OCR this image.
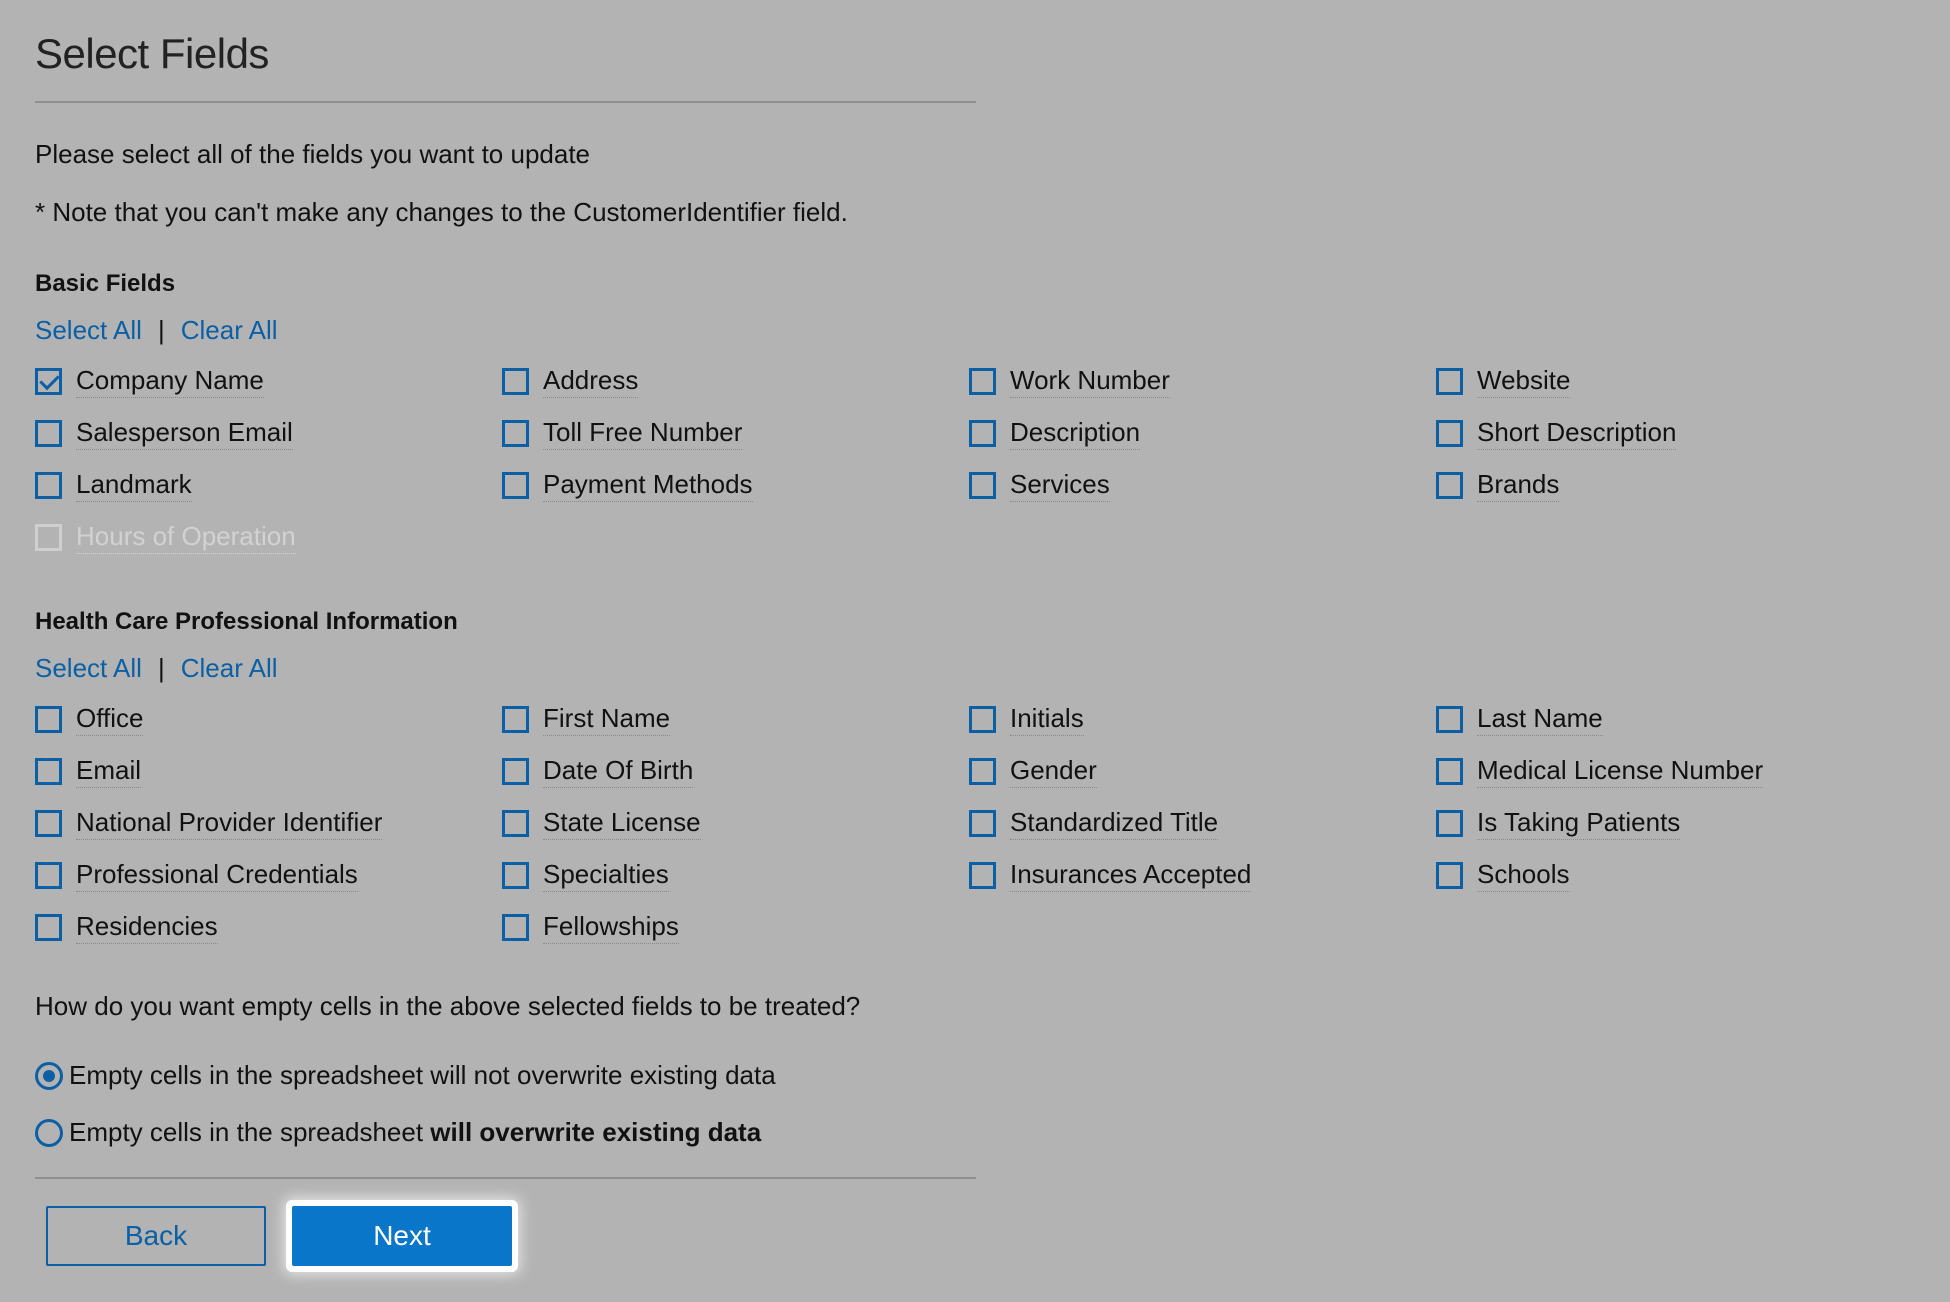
Select Fields
Please select all of the fields you want to update
* Note that you can't make any changes to the CustomerIdentifier field.
Basic Fields
Select All | Clear All
Company Name	Address	Work Number	Website
Salesperson Email	Toll Free Number	Description	Short Description
Landmark	Payment Methods	Services	Brands
Hours of Operation
Health Care Professional Information
Select All | Clear All
Office	First Name	Initials	Last Name
Email	Date Of Birth	Gender	Medical License Number
National Provider Identifier	State License	Standardized Title	Is Taking Patients
Professional Credentials	Specialties	Insurances Accepted	Schools
Residencies	Fellowships
How do you want empty cells in the above selected fields to be treated?
Empty cells in the spreadsheet will not overwrite existing data
Empty cells in the spreadsheet will overwrite existing data
Back	Next
